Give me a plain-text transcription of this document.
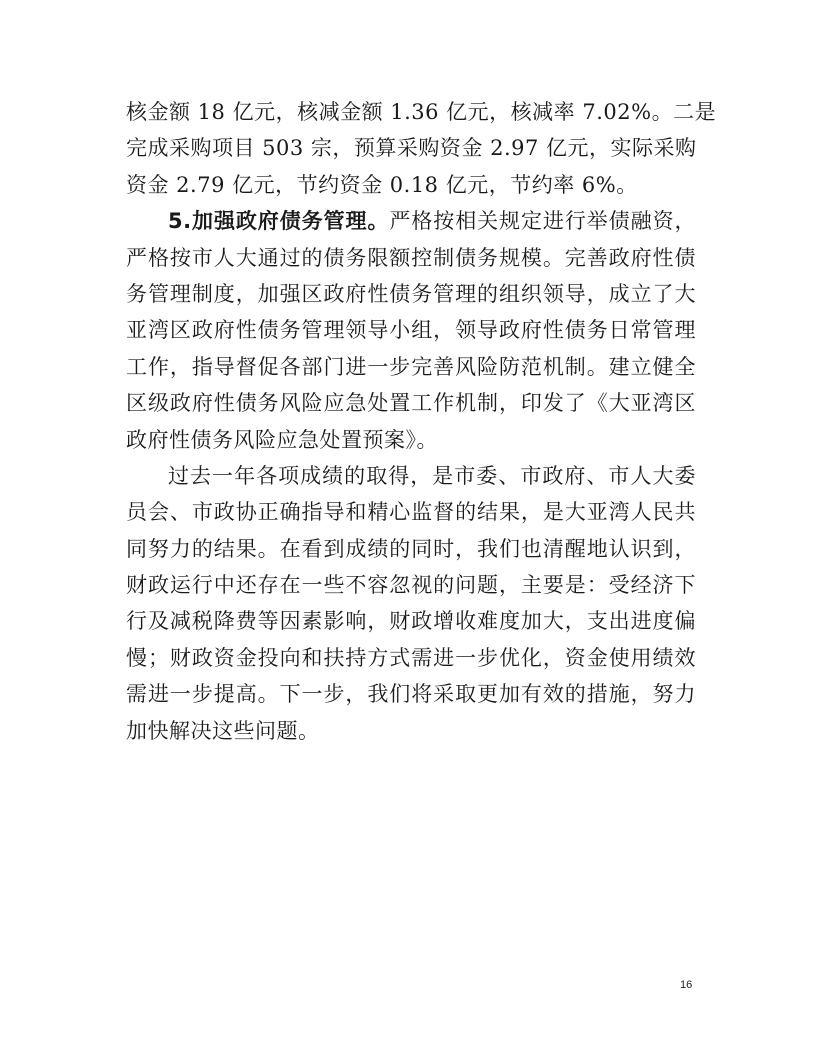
核金额 18 亿元，核减金额 1.36 亿元，核减率 7.02%。二是
完成采购项目 503 宗，预算采购资金 2.97 亿元，实际采购
资金 2.79 亿元，节约资金 0.18 亿元，节约率 6%。
5.加强政府债务管理。严格按相关规定进行举债融资，
严格按市人大通过的债务限额控制债务规模。完善政府性债
务管理制度，加强区政府性债务管理的组织领导，成立了大
亚湾区政府性债务管理领导小组，领导政府性债务日常管理
工作，指导督促各部门进一步完善风险防范机制。建立健全
区级政府性债务风险应急处置工作机制，印发了《大亚湾区
政府性债务风险应急处置预案》。
过去一年各项成绩的取得，是市委、市政府、市人大委
员会、市政协正确指导和精心监督的结果，是大亚湾人民共
同努力的结果。在看到成绩的同时，我们也清醒地认识到，
财政运行中还存在一些不容忽视的问题，主要是：受经济下
行及减税降费等因素影响，财政增收难度加大，支出进度偏
慢；财政资金投向和扶持方式需进一步优化，资金使用绩效
需进一步提高。下一步，我们将采取更加有效的措施，努力
加快解决这些问题。
16
